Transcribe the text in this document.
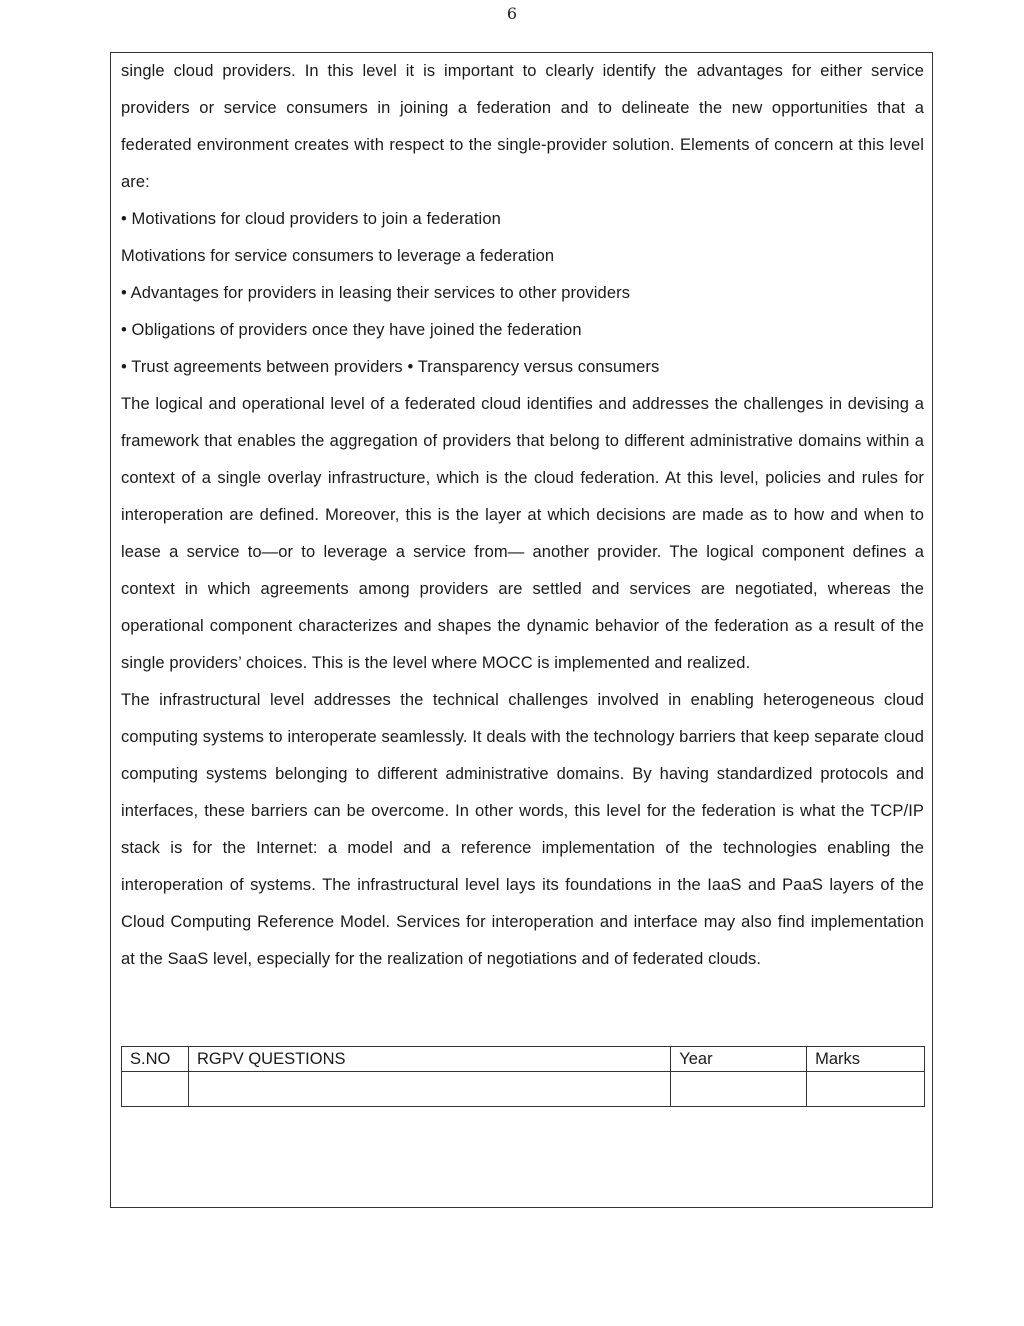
6

single cloud providers. In this level it is important to clearly identify the advantages for either service providers or service consumers in joining a federation and to delineate the new opportunities that a federated environment creates with respect to the single-provider solution. Elements of concern at this level are:

• Motivations for cloud providers to join a federation

Motivations for service consumers to leverage a federation

• Advantages for providers in leasing their services to other providers

• Obligations of providers once they have joined the federation

• Trust agreements between providers • Transparency versus consumers

The logical and operational level of a federated cloud identifies and addresses the challenges in devising a framework that enables the aggregation of providers that belong to different administrative domains within a context of a single overlay infrastructure, which is the cloud federation. At this level, policies and rules for interoperation are defined. Moreover, this is the layer at which decisions are made as to how and when to lease a service to—or to leverage a service from— another provider. The logical component defines a context in which agreements among providers are settled and services are negotiated, whereas the operational component characterizes and shapes the dynamic behavior of the federation as a result of the single providers’ choices. This is the level where MOCC is implemented and realized.

The infrastructural level addresses the technical challenges involved in enabling heterogeneous cloud computing systems to interoperate seamlessly. It deals with the technology barriers that keep separate cloud computing systems belonging to different administrative domains. By having standardized protocols and interfaces, these barriers can be overcome. In other words, this level for the federation is what the TCP/IP stack is for the Internet: a model and a reference implementation of the technologies enabling the interoperation of systems. The infrastructural level lays its foundations in the IaaS and PaaS layers of the Cloud Computing Reference Model. Services for interoperation and interface may also find implementation at the SaaS level, especially for the realization of negotiations and of federated clouds.

S.NO	RGPV QUESTIONS	Year	Marks
